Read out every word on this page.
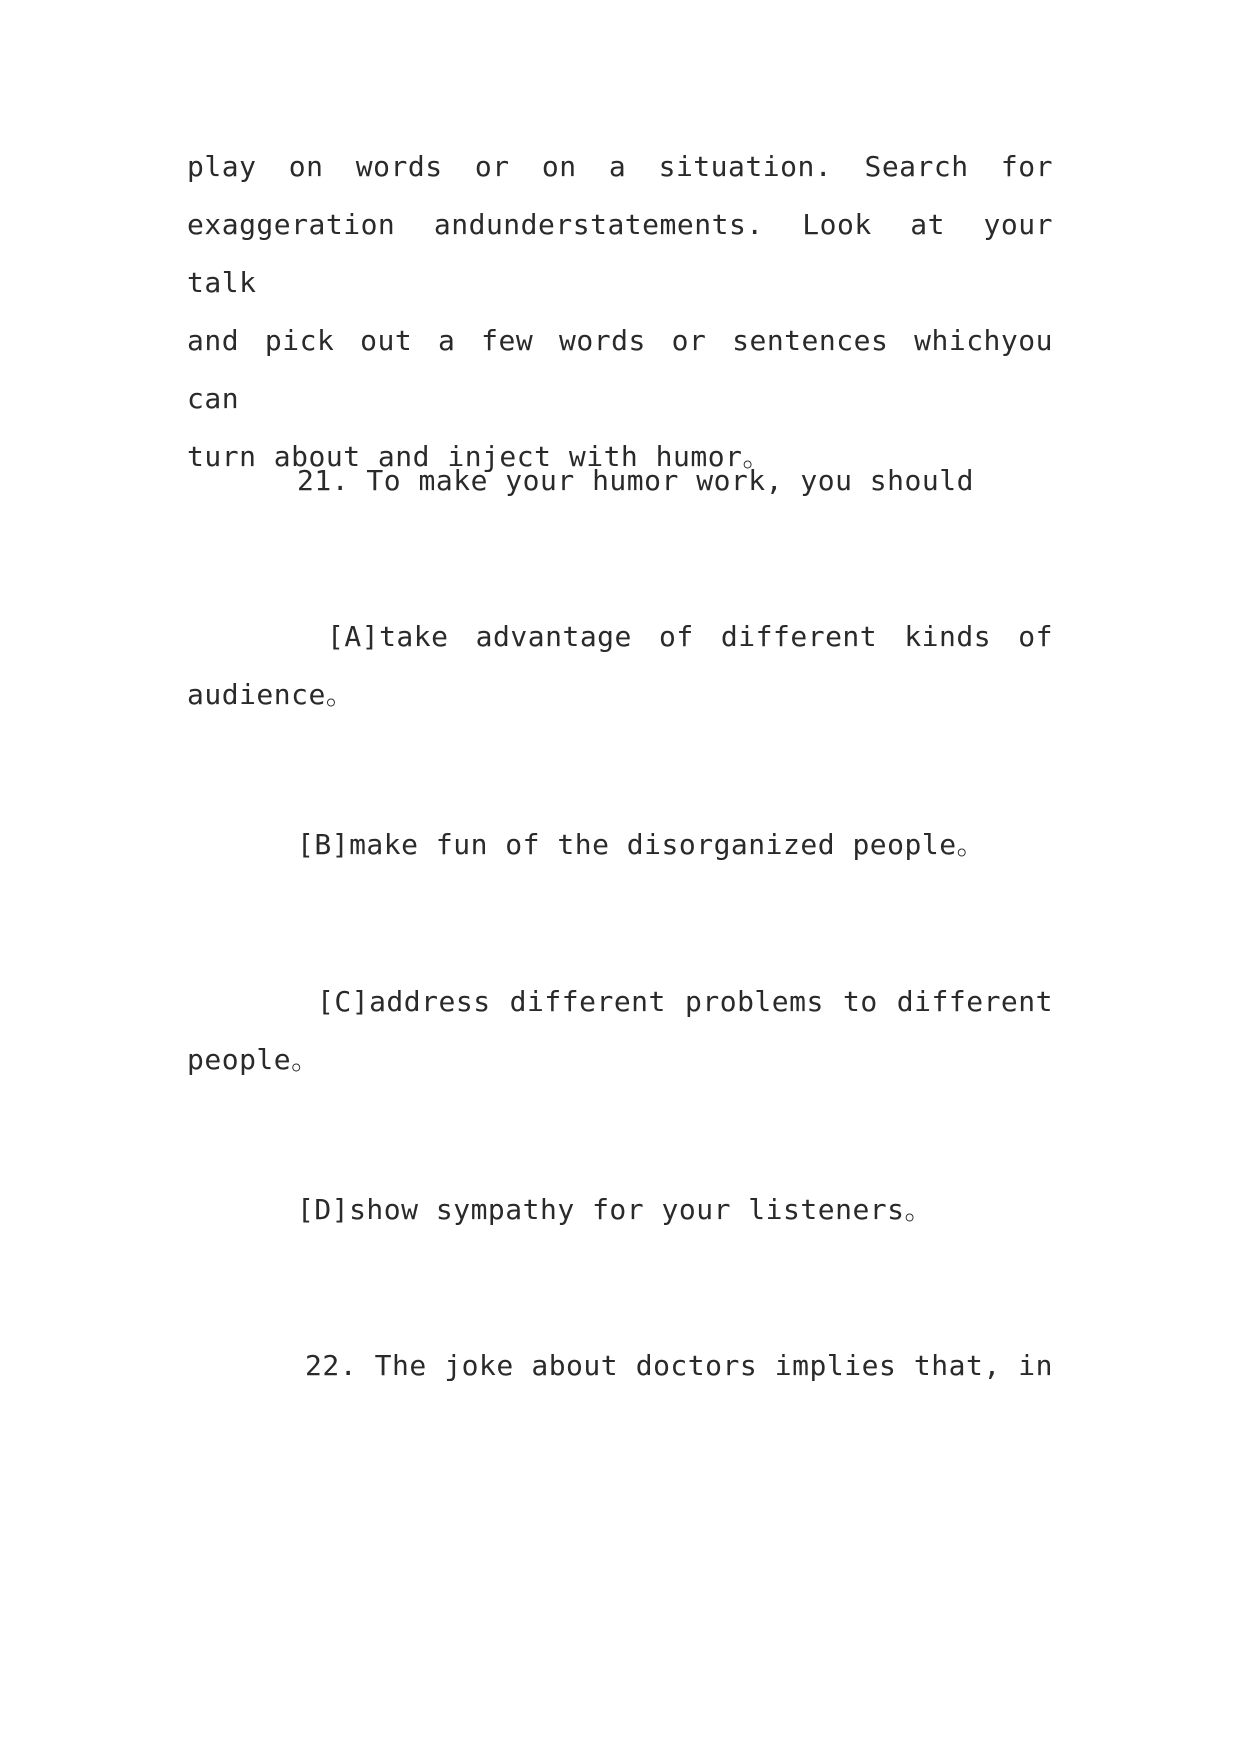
play on words or on a situation. Search for
exaggeration andunderstatements. Look at your talk
and pick out a few words or sentences whichyou can
turn about and inject with humor。
21. To make your humor work, you should
[A]take advantage of different kinds of
audience。
[B]make fun of the disorganized people。
[C]address different problems to different
people。
[D]show sympathy for your listeners。
22. The joke about doctors implies that, in
